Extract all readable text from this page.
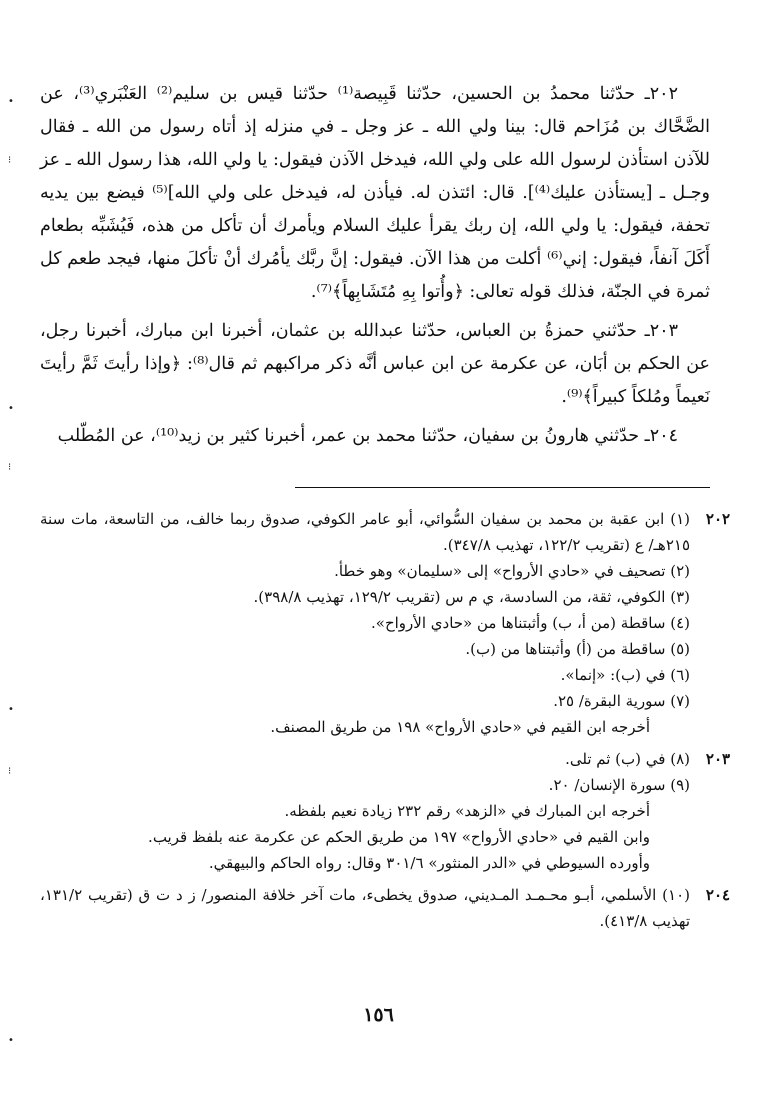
•
⁝
•
⁝
•
⁝
•

٢٠٢ـ حدّثنا محمدُ بن الحسين، حدّثنا قَبِيصة⁽¹⁾ حدّثنا قيس بن سليم⁽²⁾ العَنْبَري⁽³⁾، عن الضَّحَّاك بن مُزَاحم قال: بينا ولي الله ـ عز وجل ـ في منزله إذ أتاه رسول من الله ـ فقال للآذن استأذن لرسول الله على ولي الله، فيدخل الآذن فيقول: يا ولي الله، هذا رسول الله ـ عز وجـل ـ [يستأذن عليك⁽⁴⁾]. قال: ائتذن له. فيأذن له، فيدخل على ولي الله]⁽⁵⁾ فيضع بين يديه تحفة، فيقول: يا ولي الله، إن ربك يقرأ عليك السلام ويأمرك أن تأكل من هذه، فَيُشَبِّه بطعام أَكَلَ آنفاً، فيقول: إني⁽⁶⁾ أكلت من هذا الآن. فيقول: إنَّ ربَّك يأمُرك أنْ تأكلَ منها، فيجد طعم كل ثمرة في الجنّة، فذلك قوله تعالى: ﴿وأُتوا بِهِ مُتَشَابِهاً﴾⁽⁷⁾.

٢٠٣ـ حدّثني حمزةُ بن العباس، حدّثنا عبدالله بن عثمان، أخبرنا ابن مبارك، أخبرنا رجل، عن الحكم بن أبَان، عن عكرمة عن ابن عباس أنَّه ذكر مراكبهم ثم قال⁽⁸⁾: ﴿وإذا رأيتَ ثَمَّ رأيتَ نَعيماً ومُلكاً كبيراً﴾⁽⁹⁾.

٢٠٤ـ حدّثني هارونُ بن سفيان، حدّثنا محمد بن عمر، أخبرنا كثير بن زيد⁽¹⁰⁾، عن المُطّلب

٢٠٢
(١) ابن عقبة بن محمد بن سفيان السُّوائي، أبو عامر الكوفي، صدوق ربما خالف، من التاسعة، مات سنة ٢١٥هـ/ ع (تقريب ١٢٢/٢، تهذيب ٣٤٧/٨).
(٢) تصحيف في «حادي الأرواح» إلى «سليمان» وهو خطأ.
(٣) الكوفي، ثقة، من السادسة، ي م س (تقريب ١٢٩/٢، تهذيب ٣٩٨/٨).
(٤) ساقطة (من أ، ب) وأثبتناها من «حادي الأرواح».
(٥) ساقطة من (أ) وأثبتناها من (ب).
(٦) في (ب): «إنما».
(٧) سورية البقرة/ ٢٥.
أخرجه ابن القيم في «حادي الأرواح» ١٩٨ من طريق المصنف.
٢٠٣
(٨) في (ب) ثم تلى.
(٩) سورة الإنسان/ ٢٠.
أخرجه ابن المبارك في «الزهد» رقم ٢٣٢ زيادة نعيم بلفظه.
وابن القيم في «حادي الأرواح» ١٩٧ من طريق الحكم عن عكرمة عنه بلفظ قريب.
وأورده السيوطي في «الدر المنثور» ٣٠١/٦ وقال: رواه الحاكم والبيهقي.
٢٠٤
(١٠) الأسلمي، أبـو محـمـد المـديني، صدوق يخطىء، مات آخر خلافة المنصور/ ز د ت ق (تقريب ١٣١/٢، تهذيب ٤١٣/٨).
١٥٦
